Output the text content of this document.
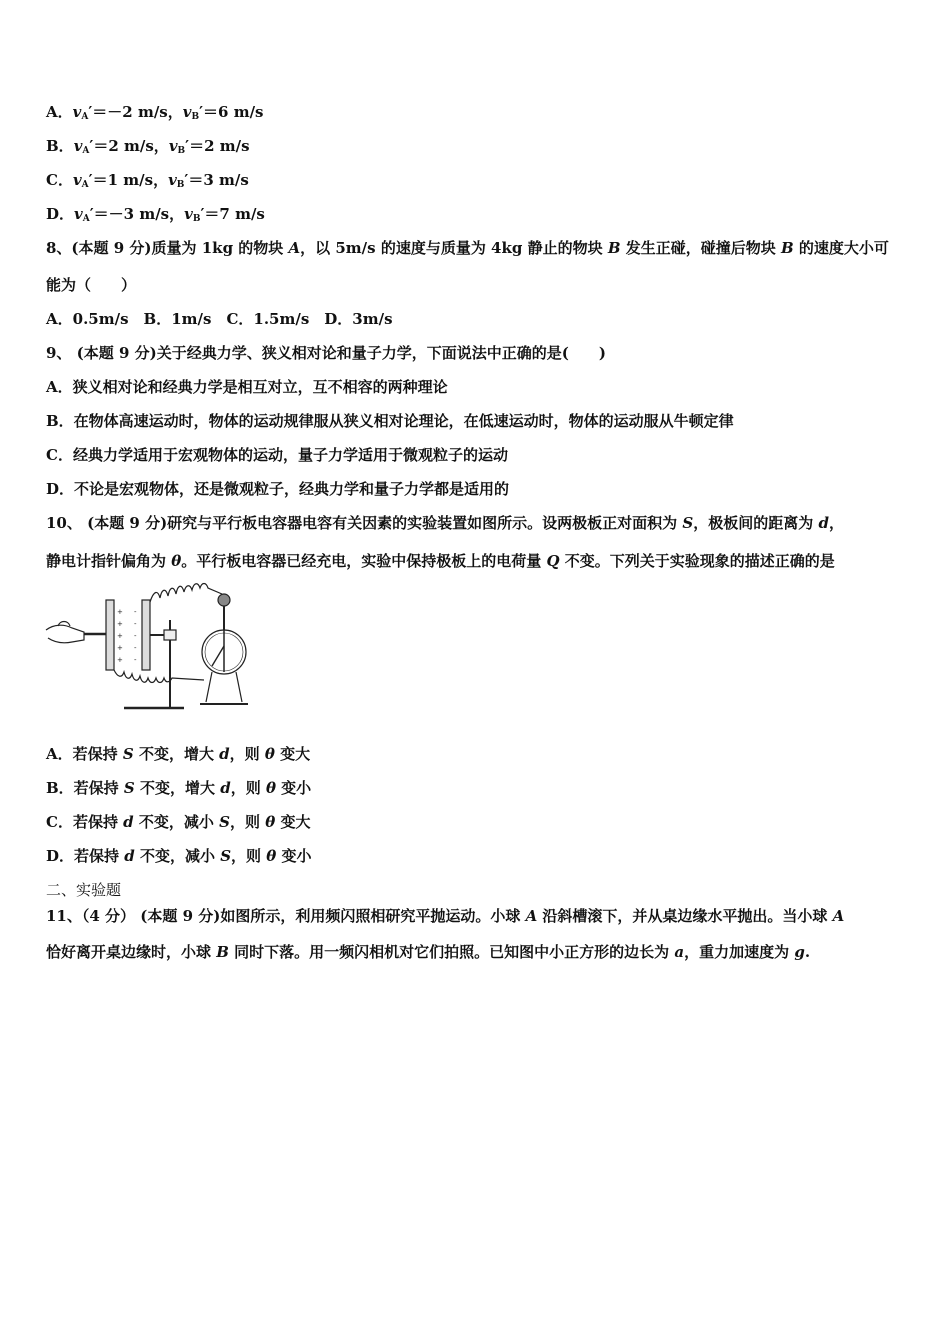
A．$v_A'=-2$ m/s，$v_B'=6$ m/s
B．$v_A'=2$ m/s，$v_B'=2$ m/s
C．$v_A'=1$ m/s，$v_B'=3$ m/s
D．$v_A'=-3$ m/s，$v_B'=7$ m/s
8、(本题 9 分)质量为 1kg 的物块 A，以 5m/s 的速度与质量为 4kg 静止的物块 B 发生正碰，碰撞后物块 B 的速度大小可
能为（　　）
A．0.5m/s　B．1m/s　C．1.5m/s　D．3m/s
9、 (本题 9 分)关于经典力学、狭义相对论和量子力学，下面说法中正确的是(　　)
A．狭义相对论和经典力学是相互对立，互不相容的两种理论
B．在物体高速运动时，物体的运动规律服从狭义相对论理论，在低速运动时，物体的运动服从牛顿定律
C．经典力学适用于宏观物体的运动，量子力学适用于微观粒子的运动
D．不论是宏观物体，还是微观粒子，经典力学和量子力学都是适用的
10、 (本题 9 分)研究与平行板电容器电容有关因素的实验装置如图所示。设两极板正对面积为 S，极板间的距离为 d，
静电计指针偏角为 θ。平行板电容器已经充电，实验中保持极板上的电荷量 Q 不变。下列关于实验现象的描述正确的是
+
+
+
+
+
-
-
-
-
-
A．若保持 S 不变，增大 d，则 θ 变大
B．若保持 S 不变，增大 d，则 θ 变小
C．若保持 d 不变，减小 S，则 θ 变大
D．若保持 d 不变，减小 S，则 θ 变小
二、实验题
11、（4 分） (本题 9 分)如图所示，利用频闪照相研究平抛运动。小球 A 沿斜槽滚下，并从桌边缘水平抛出。当小球 A
恰好离开桌边缘时，小球 B 同时下落。用一频闪相机对它们拍照。已知图中小正方形的边长为 a，重力加速度为 g.
